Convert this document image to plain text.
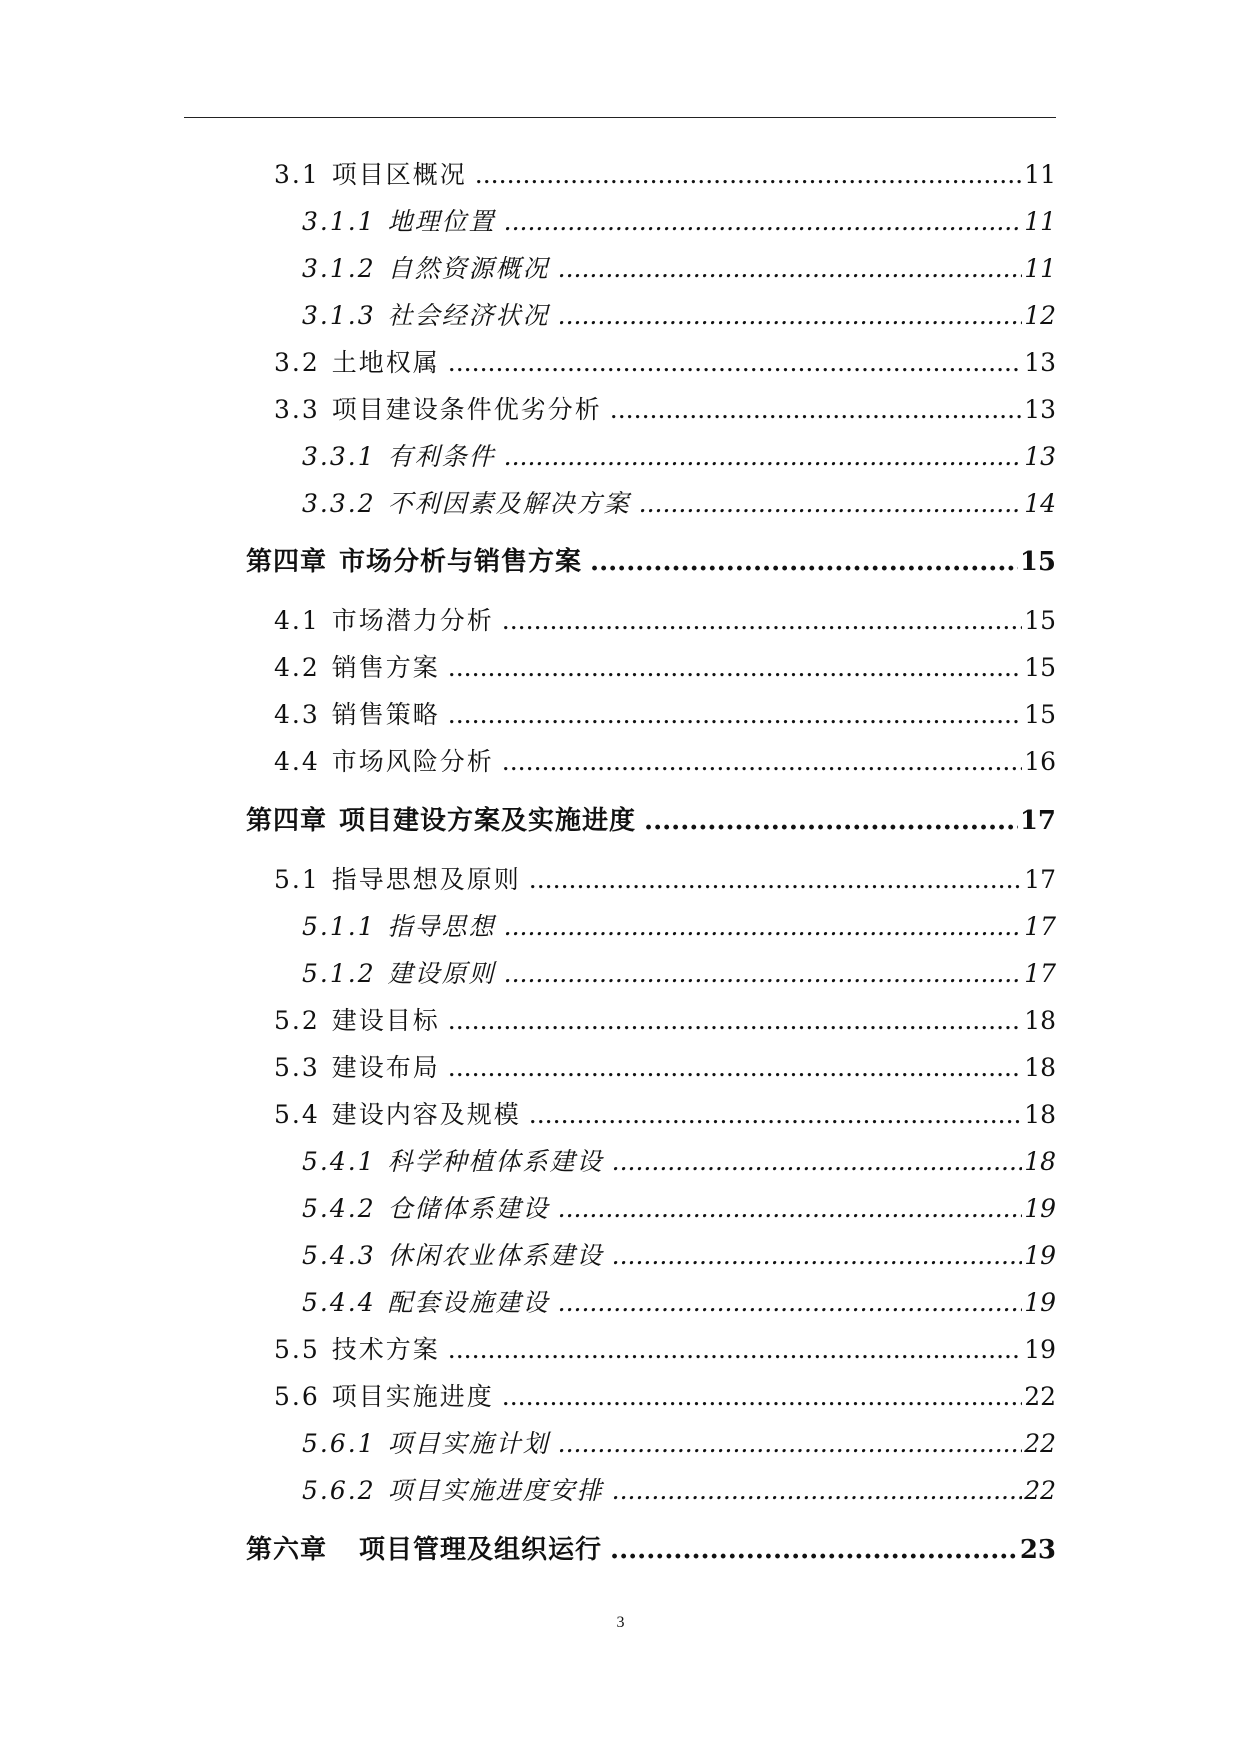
3.1 项目区概况 .....	11
3.1.1 地理位置 .....	11
3.1.2 自然资源概况 .....	11
3.1.3 社会经济状况 .....	12
3.2 土地权属 .....	13
3.3 项目建设条件优劣分析 .....	13
3.3.1 有利条件 .....	13
3.3.2 不利因素及解决方案 .....	14
第四章 市场分析与销售方案 .....	15
4.1 市场潜力分析 .....	15
4.2 销售方案 .....	15
4.3 销售策略 .....	15
4.4 市场风险分析 .....	16
第四章 项目建设方案及实施进度 .....	17
5.1 指导思想及原则 .....	17
5.1.1 指导思想 .....	17
5.1.2 建设原则 .....	17
5.2 建设目标 .....	18
5.3 建设布局 .....	18
5.4 建设内容及规模 .....	18
5.4.1 科学种植体系建设 .....	18
5.4.2 仓储体系建设 .....	19
5.4.3 休闲农业体系建设 .....	19
5.4.4 配套设施建设 .....	19
5.5 技术方案 .....	19
5.6 项目实施进度 .....	22
5.6.1 项目实施计划 .....	22
5.6.2 项目实施进度安排 .....	22
第六章 项目管理及组织运行 .....	23
3
